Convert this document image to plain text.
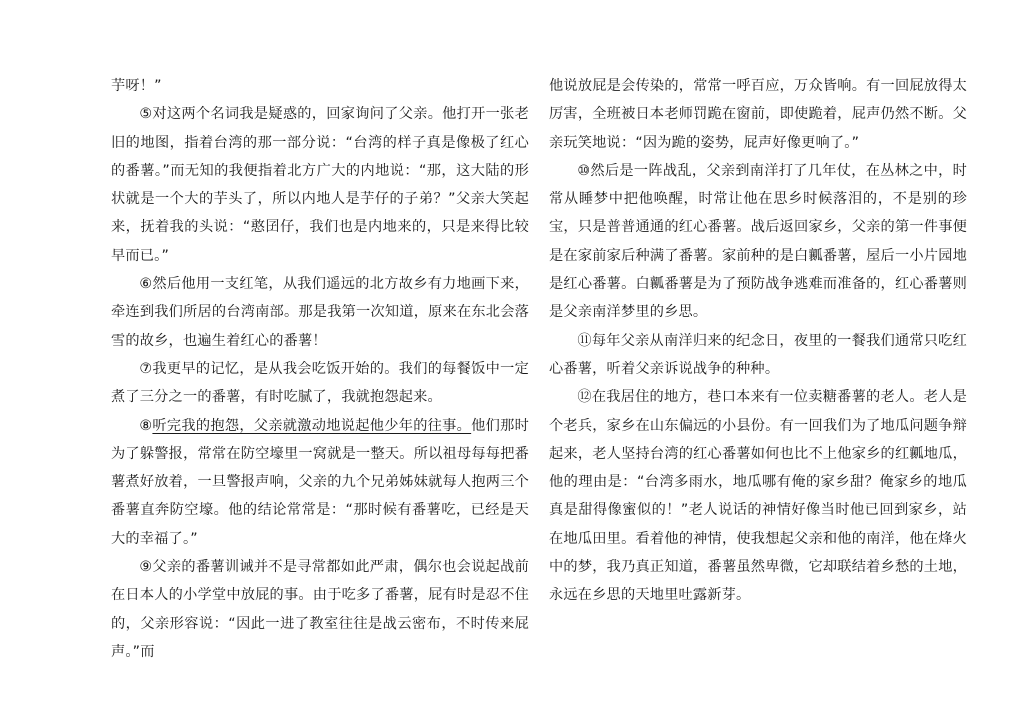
芋呀！”

⑤对这两个名词我是疑惑的，回家询问了父亲。他打开一张老旧的地图，指着台湾的那一部分说：“台湾的样子真是像极了红心的番薯。”而无知的我便指着北方广大的内地说：“那，这大陆的形状就是一个大的芋头了，所以内地人是芋仔的子弟？”父亲大笑起来，抚着我的头说：“憨囝仔，我们也是内地来的，只是来得比较早而已。”

⑥然后他用一支红笔，从我们遥远的北方故乡有力地画下来，牵连到我们所居的台湾南部。那是我第一次知道，原来在东北会落雪的故乡，也遍生着红心的番薯！

⑦我更早的记忆，是从我会吃饭开始的。我们的每餐饭中一定煮了三分之一的番薯，有时吃腻了，我就抱怨起来。

⑧听完我的抱怨，父亲就激动地说起他少年的往事。他们那时为了躲警报，常常在防空壕里一窝就是一整天。所以祖母每每把番薯煮好放着，一旦警报声响，父亲的九个兄弟姊妹就每人抱两三个番薯直奔防空壕。他的结论常常是：“那时候有番薯吃，已经是天大的幸福了。”

⑨父亲的番薯训诫并不是寻常都如此严肃，偶尔也会说起战前在日本人的小学堂中放屁的事。由于吃多了番薯，屁有时是忍不住的，父亲形容说：“因此一进了教室往往是战云密布，不时传来屁声。”而

他说放屁是会传染的，常常一呼百应，万众皆响。有一回屁放得太厉害，全班被日本老师罚跪在窗前，即使跪着，屁声仍然不断。父亲玩笑地说：“因为跪的姿势，屁声好像更响了。”

⑩然后是一阵战乱，父亲到南洋打了几年仗，在丛林之中，时常从睡梦中把他唤醒，时常让他在思乡时候落泪的，不是别的珍宝，只是普普通通的红心番薯。战后返回家乡，父亲的第一件事便是在家前家后种满了番薯。家前种的是白瓤番薯，屋后一小片园地是红心番薯。白瓤番薯是为了预防战争逃难而准备的，红心番薯则是父亲南洋梦里的乡思。

⑪每年父亲从南洋归来的纪念日，夜里的一餐我们通常只吃红心番薯，听着父亲诉说战争的种种。

⑫在我居住的地方，巷口本来有一位卖糖番薯的老人。老人是个老兵，家乡在山东偏远的小县份。有一回我们为了地瓜问题争辩起来，老人坚持台湾的红心番薯如何也比不上他家乡的红瓤地瓜，他的理由是：“台湾多雨水，地瓜哪有俺的家乡甜？俺家乡的地瓜真是甜得像蜜似的！”老人说话的神情好像当时他已回到家乡，站在地瓜田里。看着他的神情，使我想起父亲和他的南洋，他在烽火中的梦，我乃真正知道，番薯虽然卑微，它却联结着乡愁的土地，永远在乡思的天地里吐露新芽。
